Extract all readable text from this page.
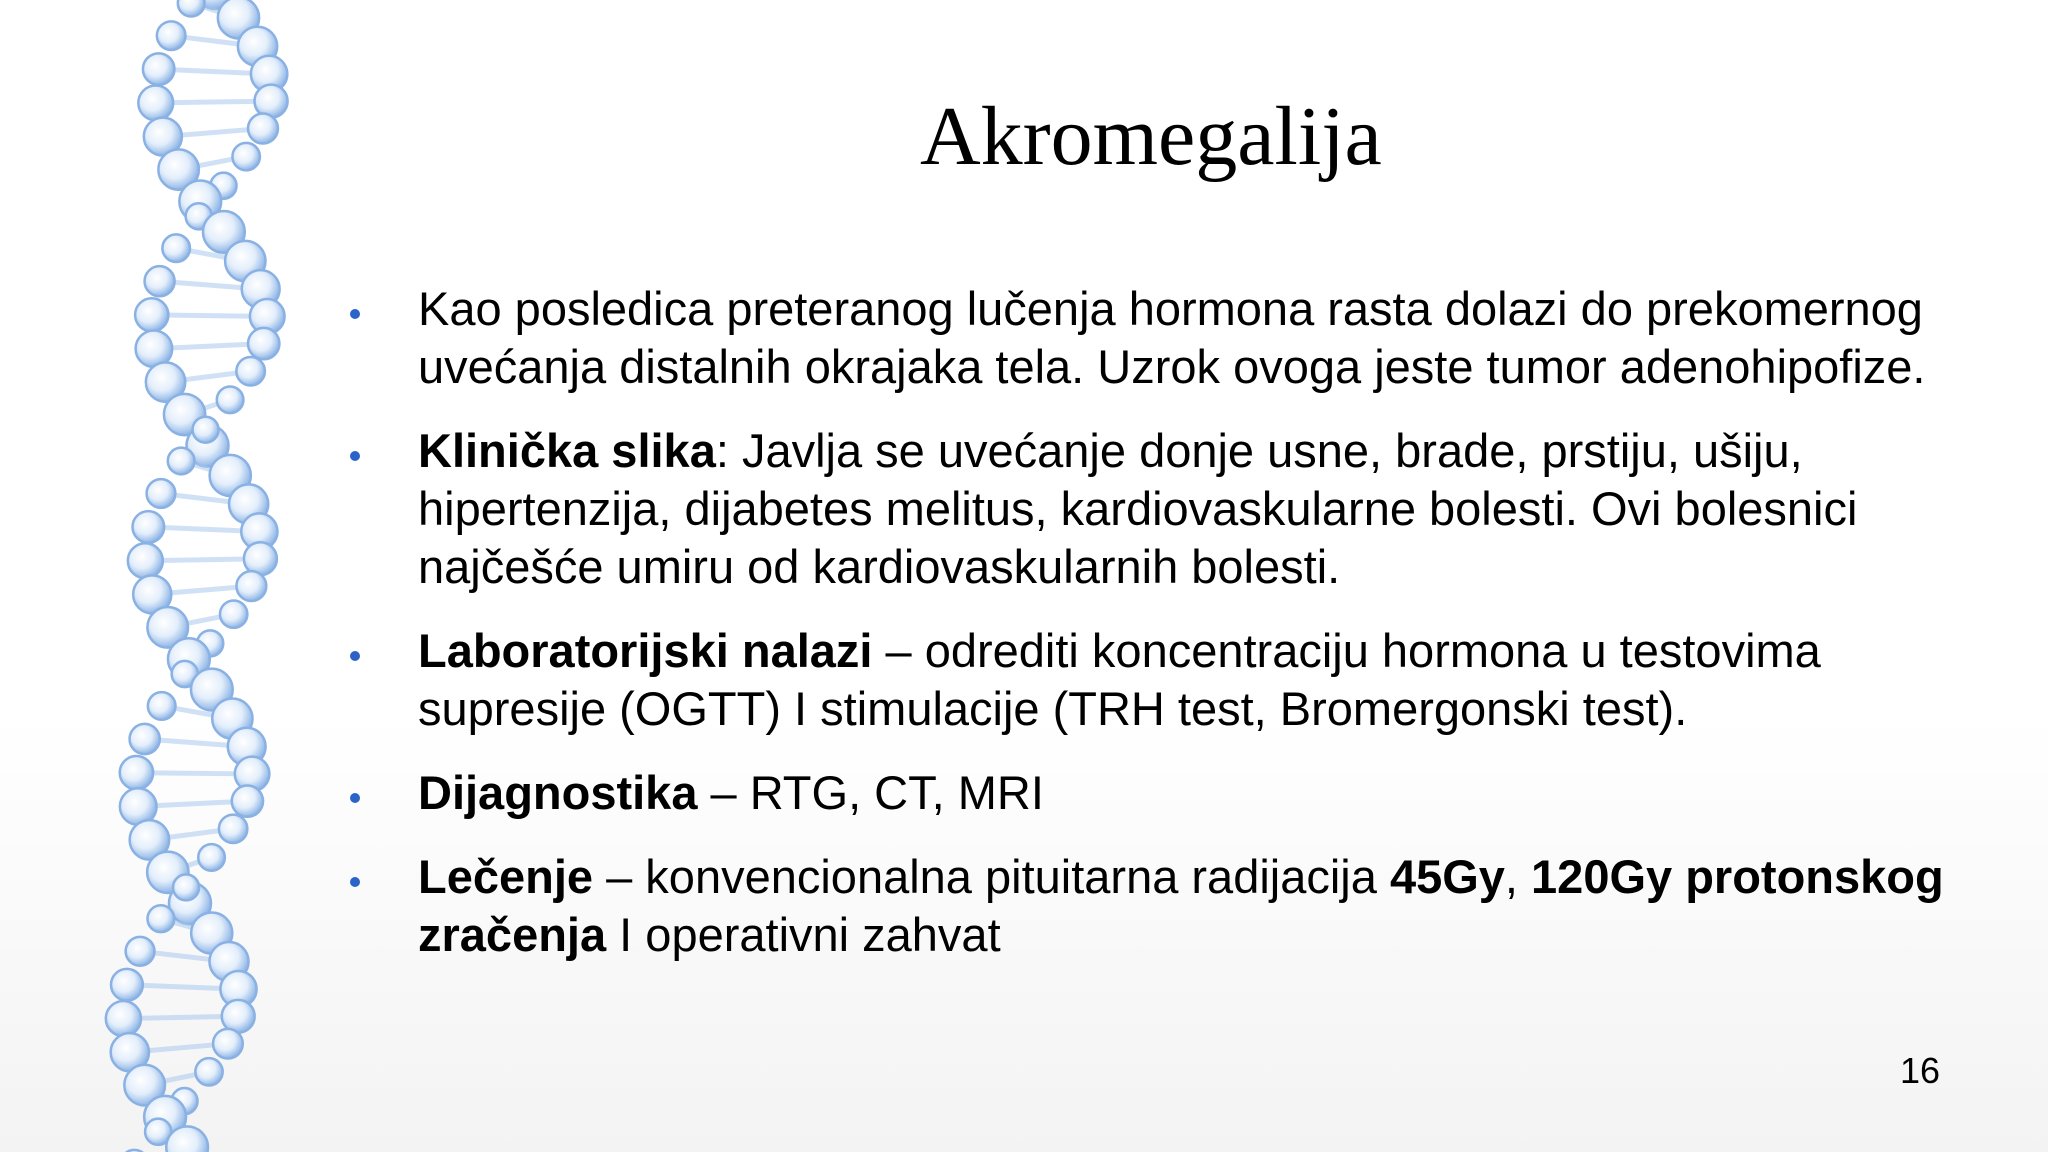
Akromegalija
Kao posledica preteranog lučenja hormona rasta dolazi do prekomernog uvećanja distalnih okrajaka tela. Uzrok ovoga jeste tumor adenohipofize.
Klinička slika: Javlja se uvećanje donje usne, brade, prstiju, ušiju, hipertenzija, dijabetes melitus, kardiovaskularne bolesti. Ovi bolesnici najčešće umiru od kardiovaskularnih bolesti.
Laboratorijski nalazi – odrediti koncentraciju hormona u testovima supresije (OGTT) I stimulacije (TRH test, Bromergonski test).
Dijagnostika – RTG, CT, MRI
Lečenje – konvencionalna pituitarna radijacija 45Gy, 120Gy protonskog zračenja I operativni zahvat
16
